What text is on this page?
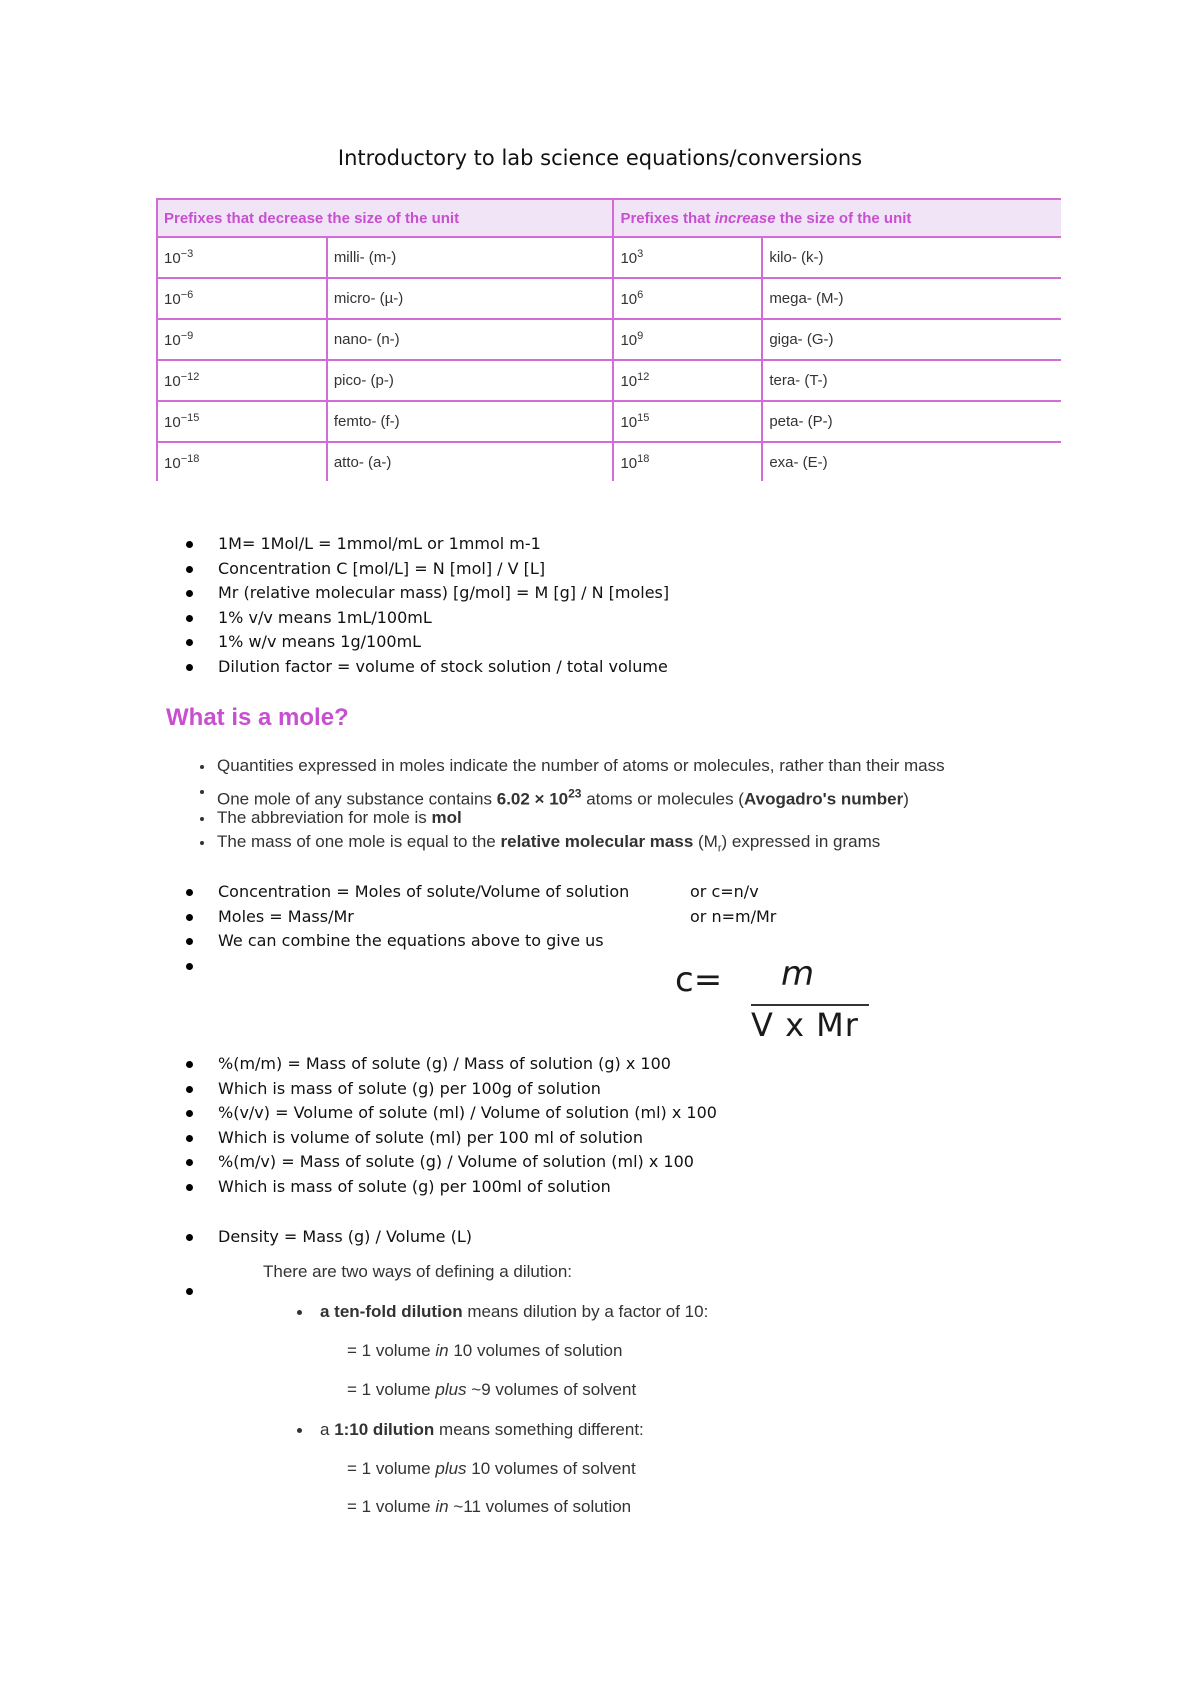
Introductory to lab science equations/conversions
Prefixes that decrease the size of the unit		Prefixes that increase the size of the unit	
$10^{-3}$	milli- (m-)	$10^3$	kilo- (k-)
$10^{-6}$	micro- (µ-)	$10^6$	mega- (M-)
$10^{-9}$	nano- (n-)	$10^9$	giga- (G-)
$10^{-12}$	pico- (p-)	$10^{12}$	tera- (T-)
$10^{-15}$	femto- (f-)	$10^{15}$	peta- (P-)
$10^{-18}$	atto- (a-)	$10^{18}$	exa- (E-)
1M= 1Mol/L = 1mmol/mL or 1mmol m-1
Concentration C [mol/L] = N [mol] / V [L]
Mr (relative molecular mass) [g/mol] = M [g] / N [moles]
1% v/v means 1mL/100mL
1% w/v means 1g/100mL
Dilution factor = volume of stock solution / total volume
What is a mole?
Quantities expressed in moles indicate the number of atoms or molecules, rather than their mass
One mole of any substance contains $6.02 \times 10^{23}$ atoms or molecules (Avogadro's number)
The abbreviation for mole is mol
The mass of one mole is equal to the relative molecular mass $(M_r)$ expressed in grams
Concentration = Moles of solute/Volume of solution	or c=n/v
Moles = Mass/Mr	or n=m/Mr
We can combine the equations above to give us
c= m
V x Mr
%(m/m) = Mass of solute (g) / Mass of solution (g) x 100
Which is mass of solute (g) per 100g of solution
%(v/v) = Volume of solute (ml) / Volume of solution (ml) x 100
Which is volume of solute (ml) per 100 ml of solution
%(m/v) = Mass of solute (g) / Volume of solution (ml) x 100
Which is mass of solute (g) per 100ml of solution
Density = Mass (g) / Volume (L)
There are two ways of defining a dilution:
a ten-fold dilution means dilution by a factor of 10:
= 1 volume in 10 volumes of solution
= 1 volume plus ~9 volumes of solvent
a 1:10 dilution means something different:
= 1 volume plus 10 volumes of solvent
= 1 volume in ~11 volumes of solution
